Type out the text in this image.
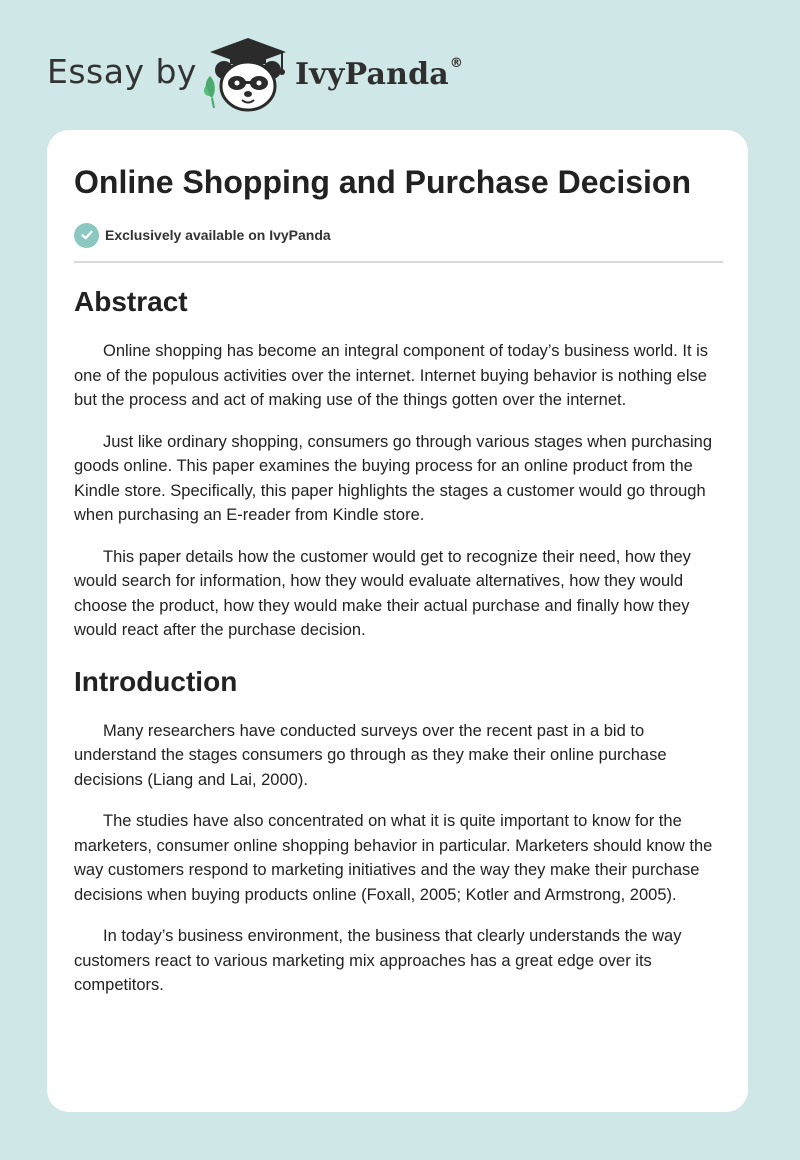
Essay by	IvyPanda®
Online Shopping and Purchase Decision
Exclusively available on IvyPanda
Abstract

Online shopping has become an integral component of today’s business world. It is one of the populous activities over the internet. Internet buying behavior is nothing else but the process and act of making use of the things gotten over the internet.

Just like ordinary shopping, consumers go through various stages when purchasing goods online. This paper examines the buying process for an online product from the Kindle store. Specifically, this paper highlights the stages a customer would go through when purchasing an E-reader from Kindle store.

This paper details how the customer would get to recognize their need, how they would search for information, how they would evaluate alternatives, how they would choose the product, how they would make their actual purchase and finally how they would react after the purchase decision.

Introduction

Many researchers have conducted surveys over the recent past in a bid to understand the stages consumers go through as they make their online purchase decisions (Liang and Lai, 2000).

The studies have also concentrated on what it is quite important to know for the marketers, consumer online shopping behavior in particular. Marketers should know the way customers respond to marketing initiatives and the way they make their purchase decisions when buying products online (Foxall, 2005; Kotler and Armstrong, 2005).

In today’s business environment, the business that clearly understands the way customers react to various marketing mix approaches has a great edge over its competitors.
